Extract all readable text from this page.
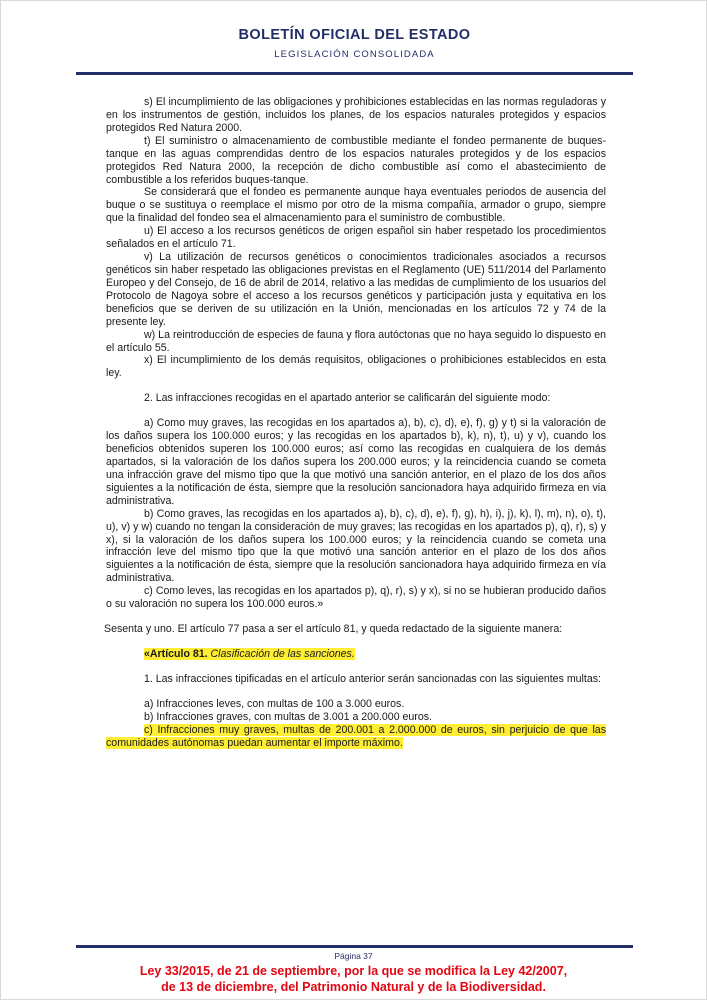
BOLETÍN OFICIAL DEL ESTADO
LEGISLACIÓN CONSOLIDADA

s) El incumplimiento de las obligaciones y prohibiciones establecidas en las normas reguladoras y en los instrumentos de gestión, incluidos los planes, de los espacios naturales protegidos y espacios protegidos Red Natura 2000.

t) El suministro o almacenamiento de combustible mediante el fondeo permanente de buques-tanque en las aguas comprendidas dentro de los espacios naturales protegidos y de los espacios protegidos Red Natura 2000, la recepción de dicho combustible así como el abastecimiento de combustible a los referidos buques-tanque.

Se considerará que el fondeo es permanente aunque haya eventuales periodos de ausencia del buque o se sustituya o reemplace el mismo por otro de la misma compañía, armador o grupo, siempre que la finalidad del fondeo sea el almacenamiento para el suministro de combustible.

u) El acceso a los recursos genéticos de origen español sin haber respetado los procedimientos señalados en el artículo 71.

v) La utilización de recursos genéticos o conocimientos tradicionales asociados a recursos genéticos sin haber respetado las obligaciones previstas en el Reglamento (UE) 511/2014 del Parlamento Europeo y del Consejo, de 16 de abril de 2014, relativo a las medidas de cumplimiento de los usuarios del Protocolo de Nagoya sobre el acceso a los recursos genéticos y participación justa y equitativa en los beneficios que se deriven de su utilización en la Unión, mencionadas en los artículos 72 y 74 de la presente ley.

w) La reintroducción de especies de fauna y flora autóctonas que no haya seguido lo dispuesto en el artículo 55.

x) El incumplimiento de los demás requisitos, obligaciones o prohibiciones establecidos en esta ley.

2. Las infracciones recogidas en el apartado anterior se calificarán del siguiente modo:

a) Como muy graves, las recogidas en los apartados a), b), c), d), e), f), g) y t) si la valoración de los daños supera los 100.000 euros; y las recogidas en los apartados b), k), n), t), u) y v), cuando los beneficios obtenidos superen los 100.000 euros; así como las recogidas en cualquiera de los demás apartados, si la valoración de los daños supera los 200.000 euros; y la reincidencia cuando se cometa una infracción grave del mismo tipo que la que motivó una sanción anterior, en el plazo de los dos años siguientes a la notificación de ésta, siempre que la resolución sancionadora haya adquirido firmeza en via administrativa.

b) Como graves, las recogidas en los apartados a), b), c), d), e), f), g), h), i), j), k), l), m), n), o), t), u), v) y w) cuando no tengan la consideración de muy graves; las recogidas en los apartados p), q), r), s) y x), si la valoración de los daños supera los 100.000 euros; y la reincidencia cuando se cometa una infracción leve del mismo tipo que la que motivó una sanción anterior en el plazo de los dos años siguientes a la notificación de ésta, siempre que la resolución sancionadora haya adquirido firmeza en vía administrativa.

c) Como leves, las recogidas en los apartados p), q), r), s) y x), si no se hubieran producido daños o su valoración no supera los 100.000 euros.»

Sesenta y uno. El artículo 77 pasa a ser el artículo 81, y queda redactado de la siguiente manera:

«Artículo 81. Clasificación de las sanciones.

1. Las infracciones tipificadas en el artículo anterior serán sancionadas con las siguientes multas:

a) Infracciones leves, con multas de 100 a 3.000 euros.

b) Infracciones graves, con multas de 3.001 a 200.000 euros.

c) Infracciones muy graves, multas de 200.001 a 2.000.000 de euros, sin perjuicio de que las comunidades autónomas puedan aumentar el importe máximo.

Página 37
Ley 33/2015, de 21 de septiembre, por la que se modifica la Ley 42/2007,
de 13 de diciembre, del Patrimonio Natural y de la Biodiversidad.
